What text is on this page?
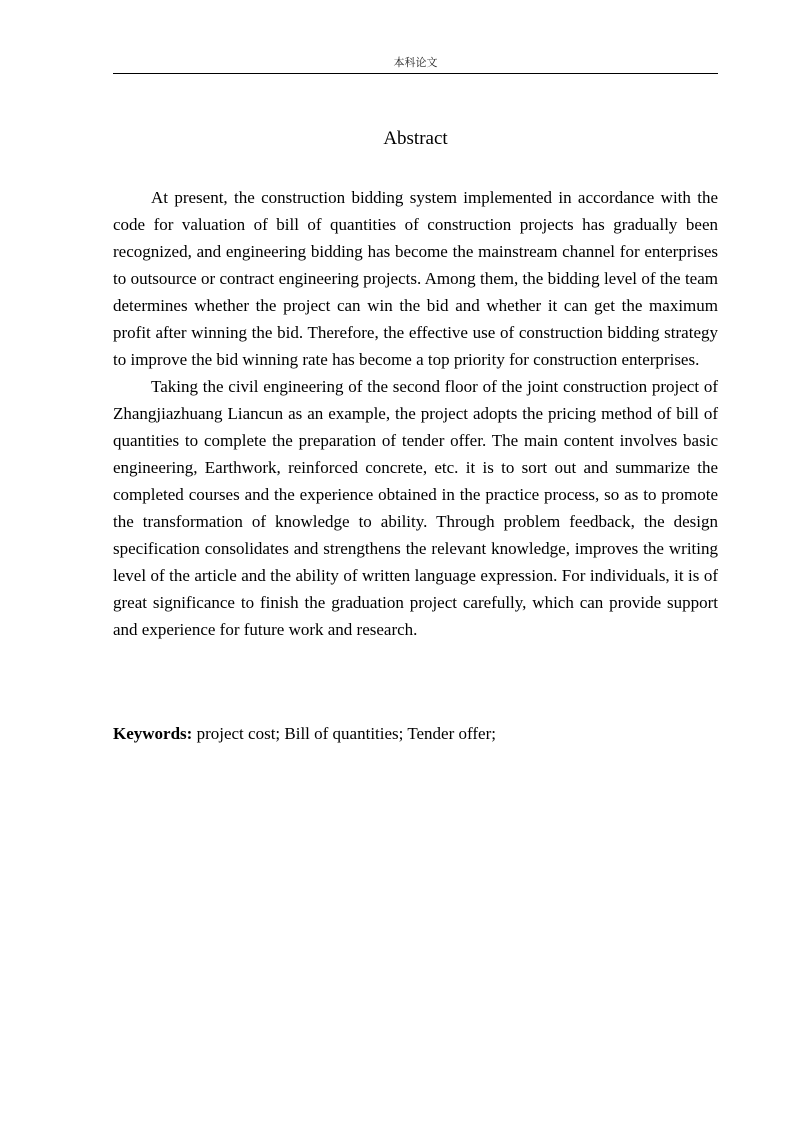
本科论文
Abstract

At present, the construction bidding system implemented in accordance with the code for valuation of bill of quantities of construction projects has gradually been recognized, and engineering bidding has become the mainstream channel for enterprises to outsource or contract engineering projects. Among them, the bidding level of the team determines whether the project can win the bid and whether it can get the maximum profit after winning the bid. Therefore, the effective use of construction bidding strategy to improve the bid winning rate has become a top priority for construction enterprises.

Taking the civil engineering of the second floor of the joint construction project of Zhangjiazhuang Liancun as an example, the project adopts the pricing method of bill of quantities to complete the preparation of tender offer. The main content involves basic engineering, Earthwork, reinforced concrete, etc. it is to sort out and summarize the completed courses and the experience obtained in the practice process, so as to promote the transformation of knowledge to ability. Through problem feedback, the design specification consolidates and strengthens the relevant knowledge, improves the writing level of the article and the ability of written language expression. For individuals, it is of great significance to finish the graduation project carefully, which can provide support and experience for future work and research.

Keywords: project cost; Bill of quantities; Tender offer;
